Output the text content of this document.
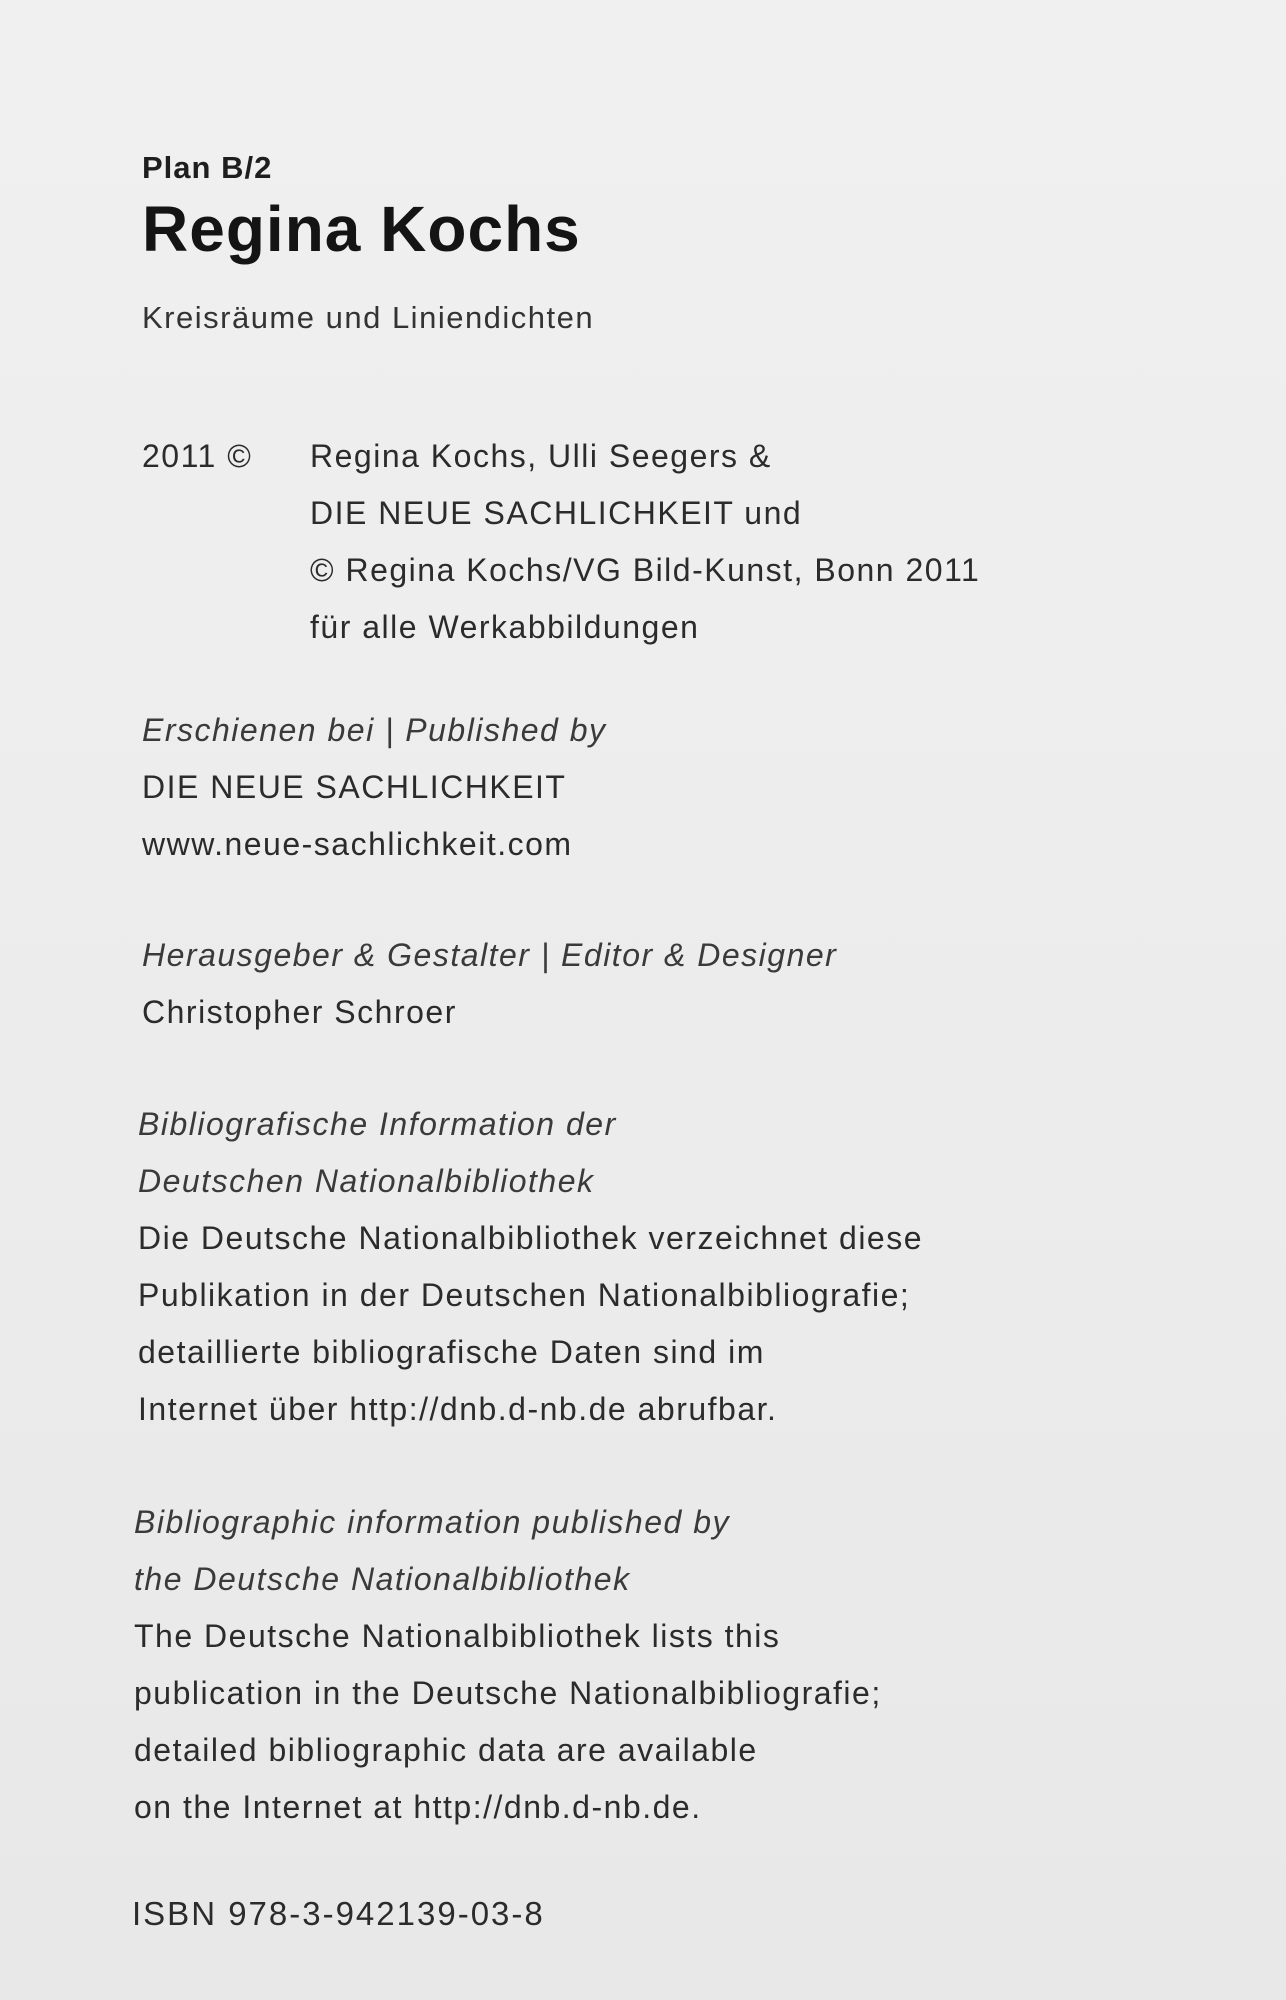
Plan B/2
Regina Kochs
Kreisräume und Liniendichten
2011 ©	Regina Kochs, Ulli Seegers &
DIE NEUE SACHLICHKEIT und
© Regina Kochs/VG Bild-Kunst, Bonn 2011
für alle Werkabbildungen
Erschienen bei | Published by
DIE NEUE SACHLICHKEIT
www.neue-sachlichkeit.com
Herausgeber & Gestalter | Editor & Designer
Christopher Schroer
Bibliografische Information der
Deutschen Nationalbibliothek
Die Deutsche Nationalbibliothek verzeichnet diese
Publikation in der Deutschen Nationalbibliografie;
detaillierte bibliografische Daten sind im
Internet über http://dnb.d-nb.de abrufbar.
Bibliographic information published by
the Deutsche Nationalbibliothek
The Deutsche Nationalbibliothek lists this
publication in the Deutsche Nationalbibliografie;
detailed bibliographic data are available
on the Internet at http://dnb.d-nb.de.
ISBN 978-3-942139-03-8
